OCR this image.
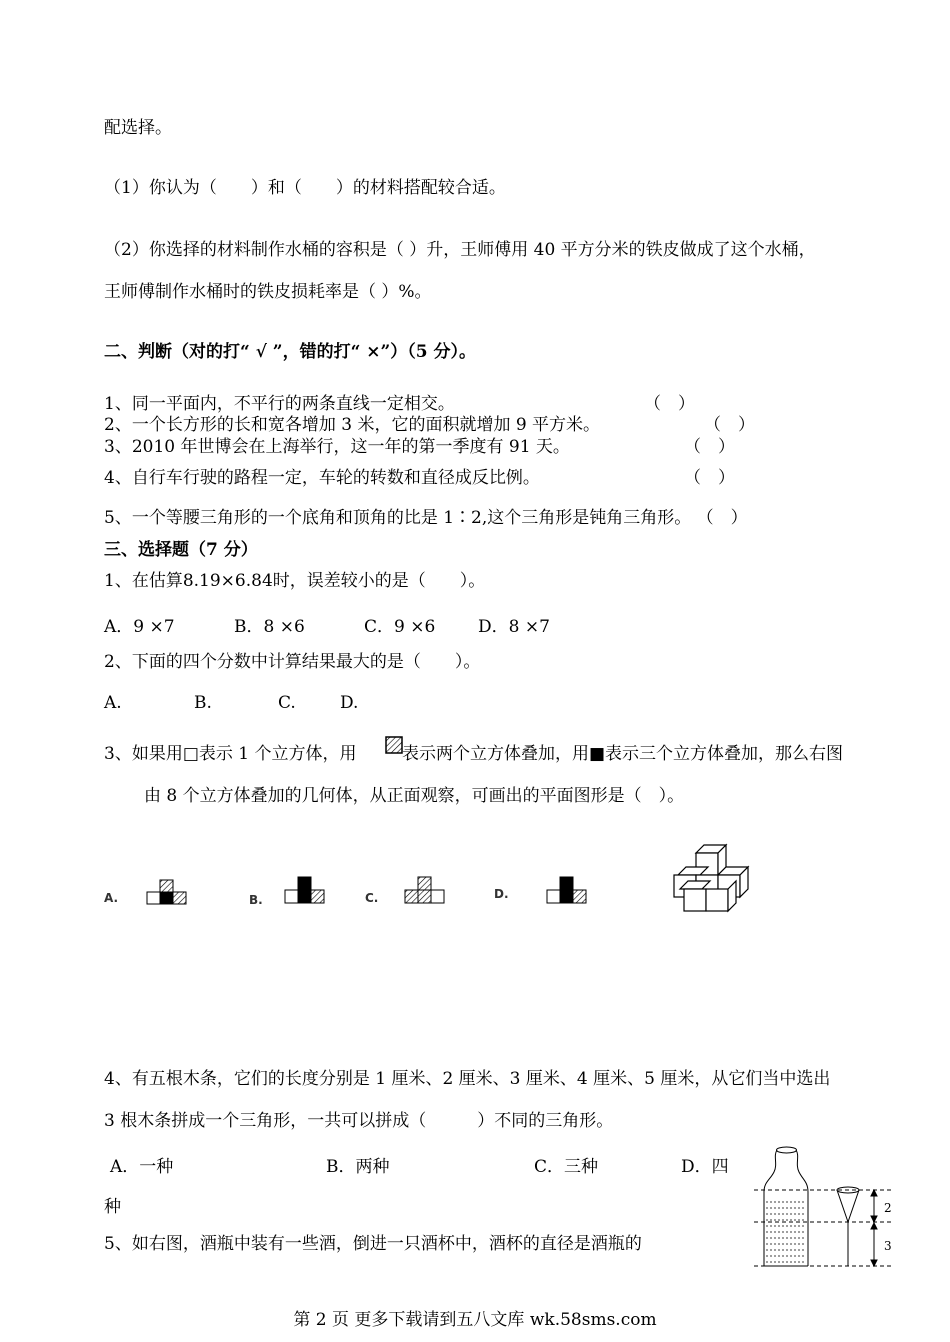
配选择。
（1）你认为（　　）和（　　）的材料搭配较合适。
（2）你选择的材料制作水桶的容积是（ ）升，王师傅用 40 平方分米的铁皮做成了这个水桶，
王师傅制作水桶时的铁皮损耗率是（ ）%。
二、判断（对的打“ √ ”，错的打“ ×”）（5 分）。
1、同一平面内，不平行的两条直线一定相交。	（　）
2、一个长方形的长和宽各增加 3 米，它的面积就增加 9 平方米。	（　）
3、2010 年世博会在上海举行，这一年的第一季度有 91 天。	（　）
4、自行车行驶的路程一定，车轮的转数和直径成反比例。	（　）
5、一个等腰三角形的一个底角和顶角的比是 1∶2,这个三角形是钝角三角形。 （　）
三、选择题（7 分）
1、在估算8.19×6.84时，误差较小的是（　　）。
A．9 ×7	B．8 ×6	C．9 ×6	D．8 ×7
2、下面的四个分数中计算结果最大的是（　　）。
A.	B.	C.	D.
3、如果用□表示 1 个立方体，用	表示两个立方体叠加，用■表示三个立方体叠加，那么右图
由 8 个立方体叠加的几何体，从正面观察，可画出的平面图形是（　）。
A.	B.	C.	D.
4、有五根木条，它们的长度分别是 1 厘米、2 厘米、3 厘米、4 厘米、5 厘米，从它们当中选出
3 根木条拼成一个三角形，一共可以拼成（　　　）不同的三角形。
A．一种	B．两种	C．三种	D．四
种
5、如右图，酒瓶中装有一些酒，倒进一只酒杯中，酒杯的直径是酒瓶的
2
3
第 2 页 更多下载请到五八文库 wk.58sms.com
